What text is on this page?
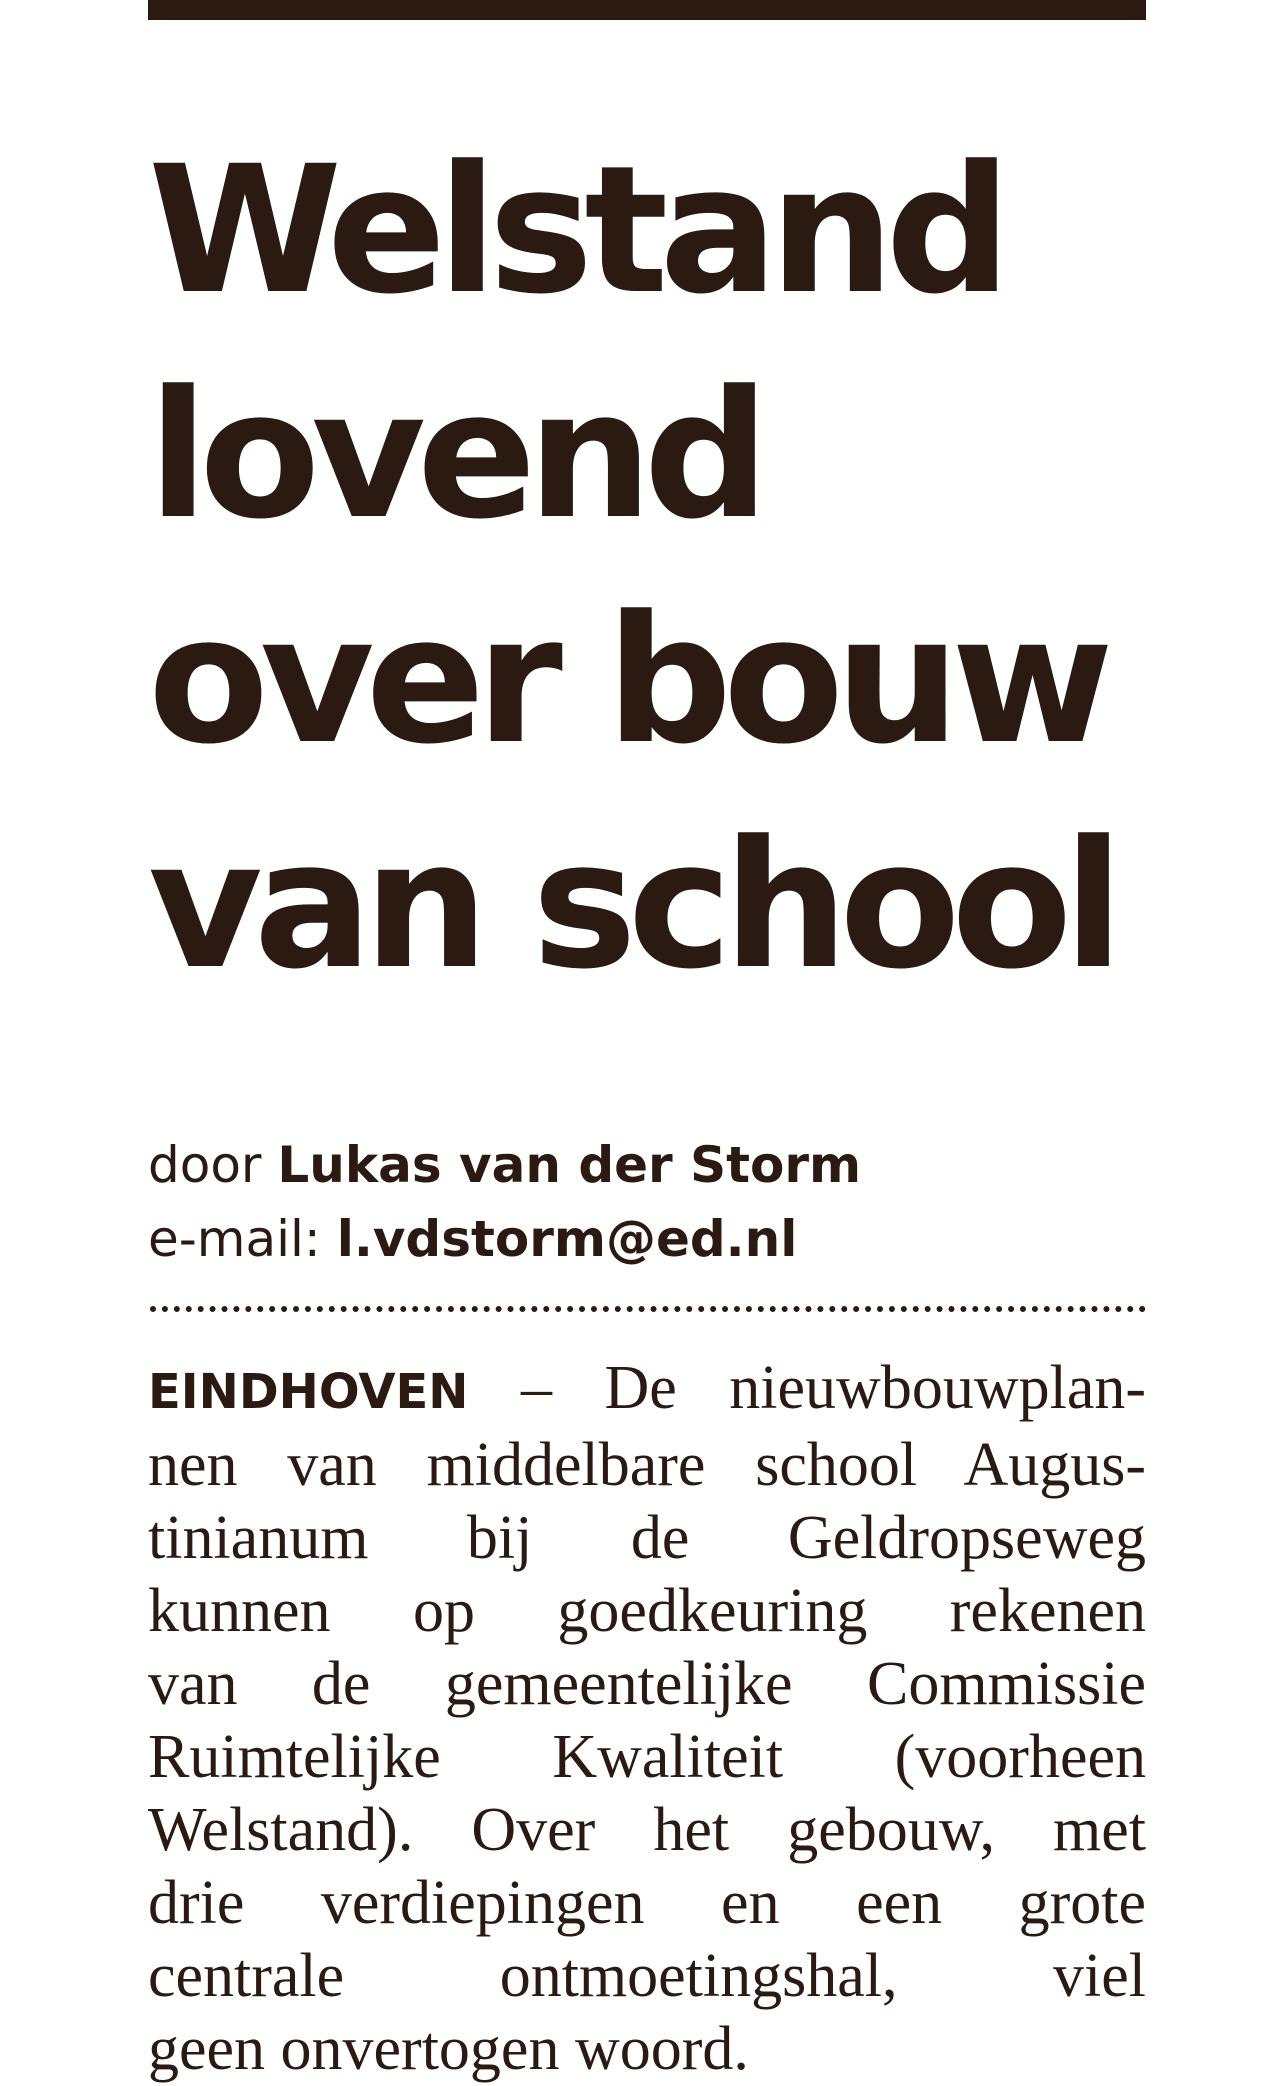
Welstand
lovend
over bouw
van school
door Lukas van der Storm
e-mail: l.vdstorm@ed.nl
EINDHOVEN – De nieuwbouwplan-
nen van middelbare school Augus-
tinianum bij de Geldropseweg
kunnen op goedkeuring rekenen
van de gemeentelijke Commissie
Ruimtelijke Kwaliteit (voorheen
Welstand). Over het gebouw, met
drie verdiepingen en een grote
centrale ontmoetingshal, viel
geen onvertogen woord.
